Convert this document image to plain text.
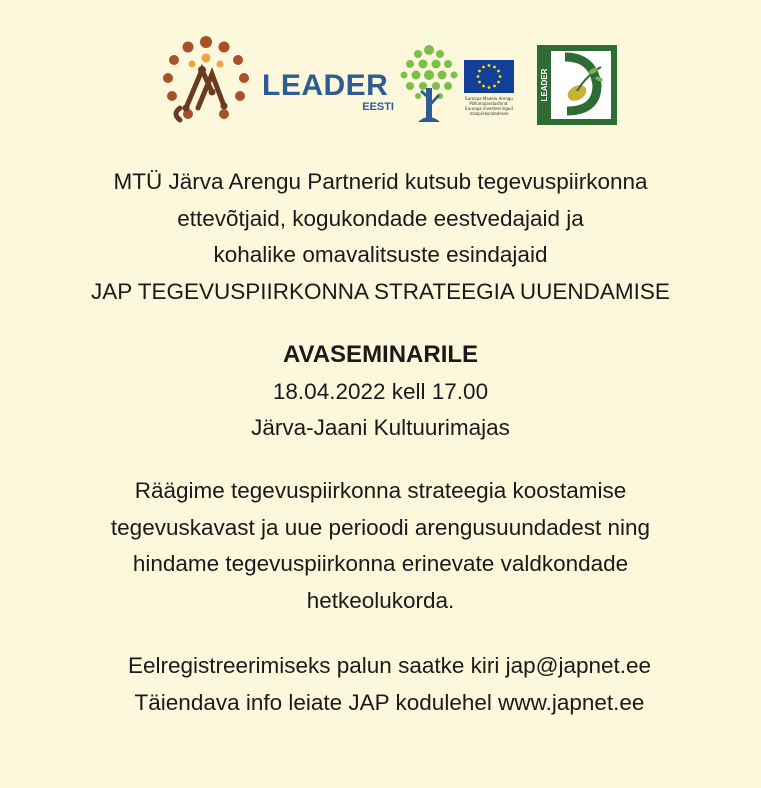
LEADER
EESTI
Euroopa Maaelu Arengu Põllumajandusfond: Euroopa investeeringud maapiirkondadesse
LEADER
MTÜ Järva Arengu Partnerid kutsub tegevuspiirkonna
ettevõtjaid, kogukondade eestvedajaid ja
kohalike omavalitsuste esindajaid
JAP TEGEVUSPIIRKONNA STRATEEGIA UUENDAMISE
AVASEMINARILE
18.04.2022 kell 17.00
Järva-Jaani Kultuurimajas
Räägime tegevuspiirkonna strateegia koostamise
tegevuskavast ja uue perioodi arengusuundadest ning
hindame tegevuspiirkonna erinevate valdkondade
hetkeolukorda.
Eelregistreerimiseks palun saatke kiri jap@japnet.ee
Täiendava info leiate JAP kodulehel www.japnet.ee
